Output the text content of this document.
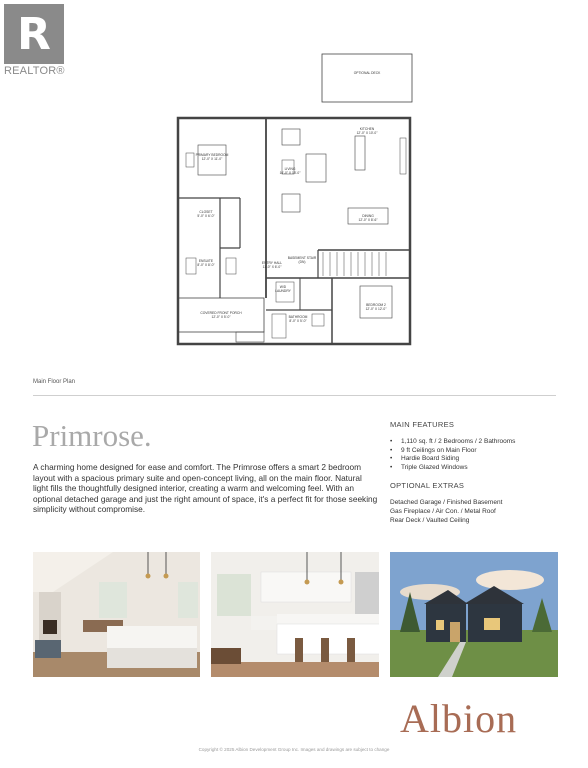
R
REALTOR®	OPTIONAL DECK
KITCHEN
12'-0" X 10'-0"
PRIMARY BEDROOM
12'-0" X 11'-0"
LIVING
16'-0" X 15'-0"
DINING
12'-0" X 8'-6"
CLOSET
5'-0" X 6'-0"
ENSUITE
8'-0" X 8'-0"	ENTRY HALL
11'-0" X 6'-0"
BASEMENT STAIR
(DN)
BEDROOM 2
12'-0" X 12'-0"
W/D
LAUNDRY
BATHROOM
8'-0" X 5'-0"
COVERED FRONT PORCH
12'-0" X 5'-0"
Main Floor Plan
Primrose.

A charming home designed for ease and comfort. The Primrose offers a smart 2 bedroom layout with a spacious primary suite and open-concept living, all on the main floor. Natural light fills the thoughtfully designed interior, creating a warm and welcoming feel. With an optional detached garage and just the right amount of space, it's a perfect fit for those seeking simplicity without compromise.

MAIN FEATURES
• 1,110 sq. ft / 2 Bedrooms / 2 Bathrooms
• 9 ft Ceilings on Main Floor
• Hardie Board Siding
• Triple Glazed Windows
OPTIONAL EXTRAS
Detached Garage / Finished Basement
Gas Fireplace / Air Con. / Metal Roof
Rear Deck / Vaulted Ceiling
Albion
Copyright © 2025 Albion Development Group Inc. Images and drawings are subject to change
